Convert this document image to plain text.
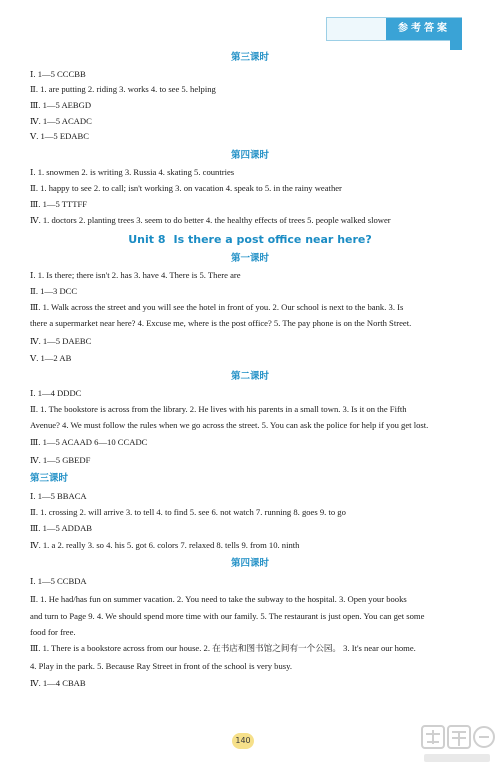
参考答案
第三课时
Ⅰ. 1—5 CCCBB
Ⅱ. 1. are putting 2. riding 3. works 4. to see 5. helping
Ⅲ. 1—5 AEBGD
Ⅳ. 1—5 ACADC
Ⅴ. 1—5 EDABC
第四课时
Ⅰ. 1. snowmen 2. is writing 3. Russia 4. skating 5. countries
Ⅱ. 1. happy to see 2. to call; isn't working 3. on vacation 4. speak to 5. in the rainy weather
Ⅲ. 1—5 TTTFF
Ⅳ. 1. doctors 2. planting trees 3. seem to do better 4. the healthy effects of trees 5. people walked slower
Unit 8 Is there a post office near here?
第一课时
Ⅰ. 1. Is there; there isn't 2. has 3. have 4. There is 5. There are
Ⅱ. 1—3 DCC
Ⅲ. 1. Walk across the street and you will see the hotel in front of you. 2. Our school is next to the bank. 3. Is
there a supermarket near here? 4. Excuse me, where is the post office? 5. The pay phone is on the North Street.
Ⅳ. 1—5 DAEBC
Ⅴ. 1—2 AB
第二课时
Ⅰ. 1—4 DDDC
Ⅱ. 1. The bookstore is across from the library. 2. He lives with his parents in a small town. 3. Is it on the Fifth
Avenue? 4. We must follow the rules when we go across the street. 5. You can ask the police for help if you get lost.
Ⅲ. 1—5 ACAAD 6—10 CCADC
Ⅳ. 1—5 GBEDF
第三课时
Ⅰ. 1—5 BBACA
Ⅱ. 1. crossing 2. will arrive 3. to tell 4. to find 5. see 6. not watch 7. running 8. goes 9. to go
Ⅲ. 1—5 ADDAB
Ⅳ. 1. a 2. really 3. so 4. his 5. got 6. colors 7. relaxed 8. tells 9. from 10. ninth
第四课时
Ⅰ. 1—5 CCBDA
Ⅱ. 1. He had/has fun on summer vacation. 2. You need to take the subway to the hospital. 3. Open your books
and turn to Page 9. 4. We should spend more time with our family. 5. The restaurant is just open. You can get some
food for free.
Ⅲ. 1. There is a bookstore across from our house. 2. 在书店和图书馆之间有一个公园。 3. It's near our home.
4. Play in the park. 5. Because Ray Street in front of the school is very busy.
Ⅳ. 1—4 CBAB
140
